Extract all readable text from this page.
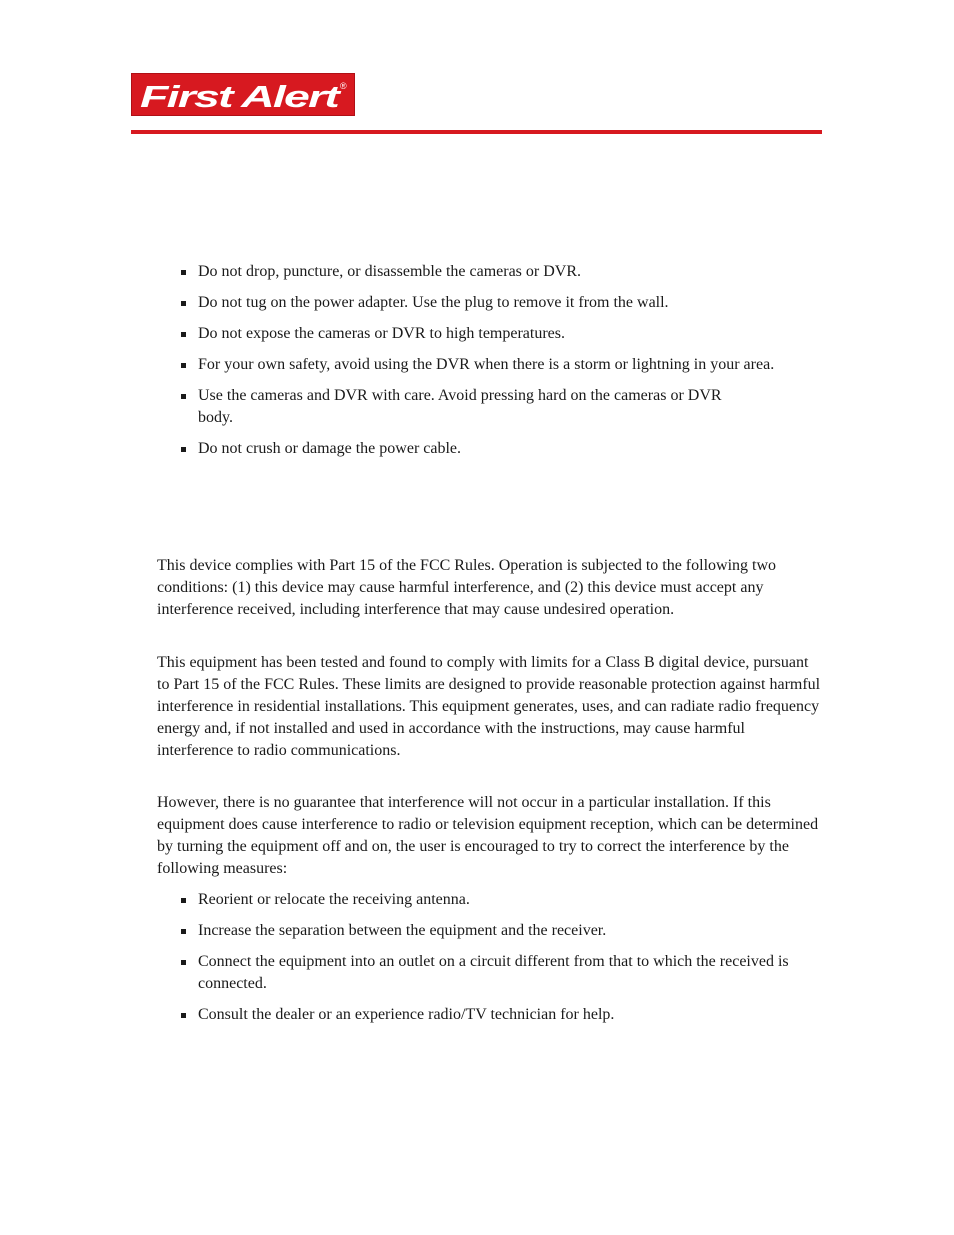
First Alert
®
Do not drop, puncture, or disassemble the cameras or DVR.
Do not tug on the power adapter. Use the plug to remove it from the wall.
Do not expose the cameras or DVR to high temperatures.
For your own safety, avoid using the DVR when there is a storm or lightning in your area.
Use the cameras and DVR with care. Avoid pressing hard on the cameras or DVR body.
Do not crush or damage the power cable.

This device complies with Part 15 of the FCC Rules. Operation is subjected to the following two conditions: (1) this device may cause harmful interference, and (2) this device must accept any interference received, including interference that may cause undesired operation.

This equipment has been tested and found to comply with limits for a Class B digital device, pursuant to Part 15 of the FCC Rules. These limits are designed to provide reasonable protection against harmful interference in residential installations. This equipment generates, uses, and can radiate radio frequency energy and, if not installed and used in accordance with the instructions, may cause harmful interference to radio communications.

However, there is no guarantee that interference will not occur in a particular installation. If this equipment does cause interference to radio or television equipment reception, which can be determined by turning the equipment off and on, the user is encouraged to try to correct the interference by the following measures:

Reorient or relocate the receiving antenna.
Increase the separation between the equipment and the receiver.
Connect the equipment into an outlet on a circuit different from that to which the received is connected.
Consult the dealer or an experience radio/TV technician for help.
